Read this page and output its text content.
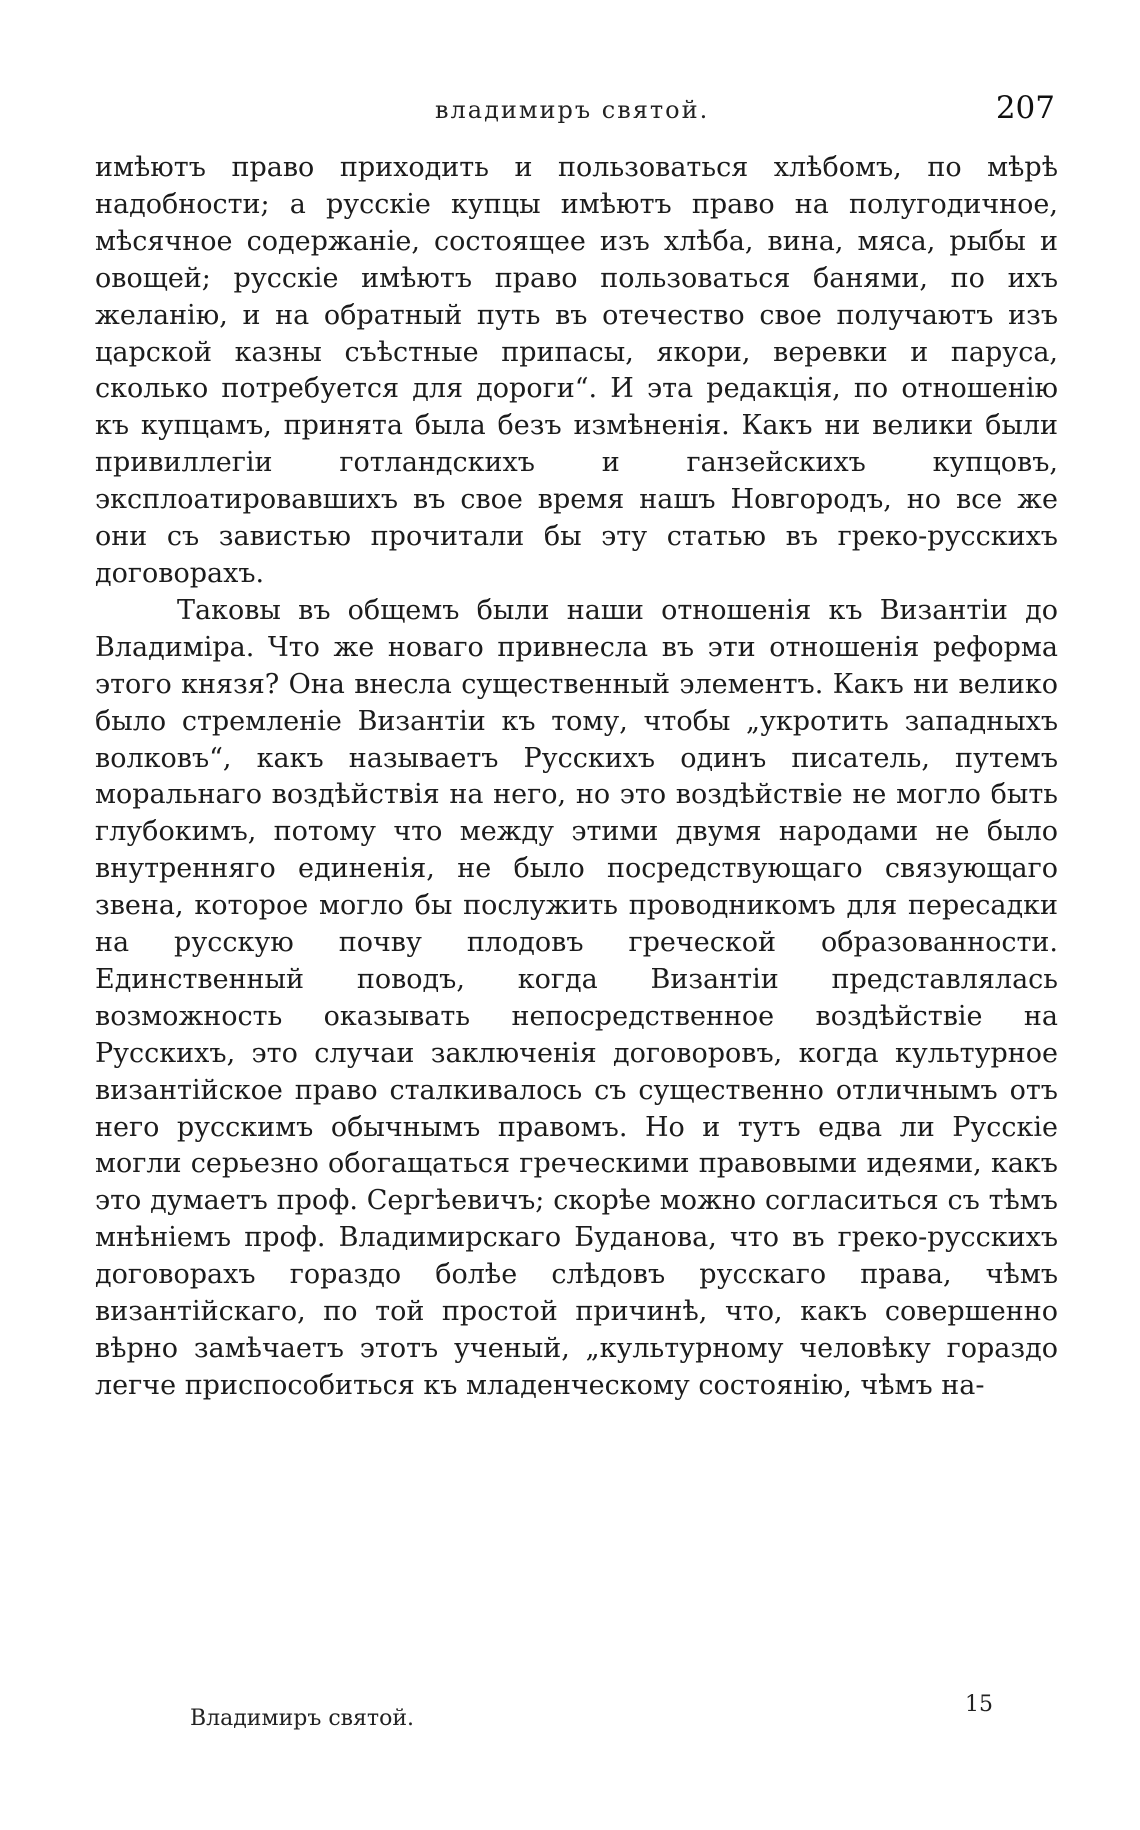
владимиръ святой.	207

имѣютъ право приходить и пользоваться хлѣбомъ, по мѣрѣ надобности; а русскіе купцы имѣютъ право на полугодичное, мѣсячное содержаніе, состоящее изъ хлѣба, вина, мяса, рыбы и овощей; русскіе имѣютъ право пользоваться банями, по ихъ желанію, и на обратный путь въ отечество свое получаютъ изъ царской казны съѣстные припасы, якори, веревки и паруса, сколько потребуется для дороги“. И эта редакція, по отношенію къ купцамъ, принята была безъ измѣненія. Какъ ни велики были привиллегіи готландскихъ и ганзейскихъ купцовъ, эксплоатировавшихъ въ свое время нашъ Новгородъ, но все же они съ завистью прочитали бы эту статью въ греко-русскихъ договорахъ.

Таковы въ общемъ были наши отношенія къ Византіи до Владиміра. Что же новаго привнесла въ эти отношенія реформа этого князя? Она внесла существенный элементъ. Какъ ни велико было стремленіе Византіи къ тому, чтобы „укротить западныхъ волковъ“, какъ называетъ Русскихъ одинъ писатель, путемъ моральнаго воздѣйствія на него, но это воздѣйствіе не могло быть глубокимъ, потому что между этими двумя народами не было внутренняго единенія, не было посредствующаго связующаго звена, которое могло бы послужить проводникомъ для пересадки на русскую почву плодовъ греческой образованности. Единственный поводъ, когда Византіи представлялась возможность оказывать непосредственное воздѣйствіе на Русскихъ, это случаи заключенія договоровъ, когда культурное византійское право сталкивалось съ существенно отличнымъ отъ него русскимъ обычнымъ правомъ. Но и тутъ едва ли Русскіе могли серьезно обогащаться греческими правовыми идеями, какъ это думаетъ проф. Сергѣевичъ; скорѣе можно согласиться съ тѣмъ мнѣніемъ проф. Владимирскаго Буданова, что въ греко-русскихъ договорахъ гораздо болѣе слѣдовъ русскаго права, чѣмъ византійскаго, по той простой причинѣ, что, какъ совершенно вѣрно замѣчаетъ этотъ ученый, „культурному человѣку гораздо легче приспособиться къ младенческому состоянію, чѣмъ на-

Владимиръ святой.
15
